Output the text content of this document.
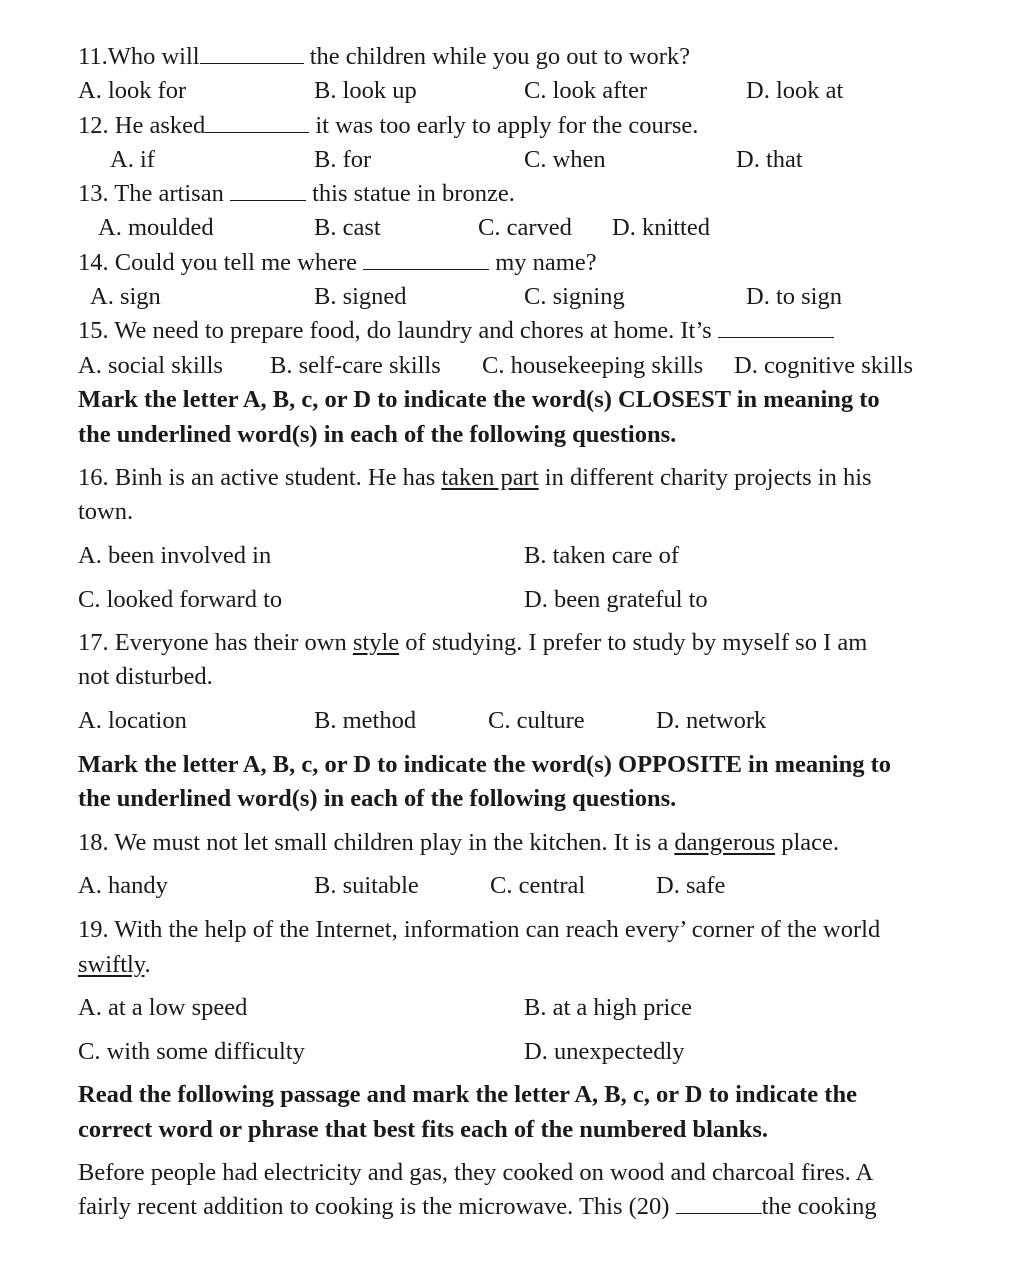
11.Who will	the children while you go out to work?

A. look for	B. look up	C. look after	D. look at

12. He asked	it was too early to apply for the course.

A. if	B. for	C. when	D. that

13. The artisan	this statue in bronze.

A. moulded	B. cast	C. carved D. knitted

14. Could you tell me where	my name?

A. sign	B. signed	C. signing	D. to sign

15. We need to prepare food, do laundry and chores at home. It’s

A. social skills B. self-care skills C. housekeeping skills D. cognitive skills

Mark the letter A, B, c, or D to indicate the word(s) CLOSEST in meaning to

the underlined word(s) in each of the following questions.

16. Binh is an active student. He has taken part in different charity projects in his

town.

A. been involved in	B. taken care of

C. looked forward to	D. been grateful to

17. Everyone has their own style of studying. I prefer to study by myself so I am

not disturbed.

A. location	B. method	C. culture	D. network

Mark the letter A, B, c, or D to indicate the word(s) OPPOSITE in meaning to

the underlined word(s) in each of the following questions.

18. We must not let small children play in the kitchen. It is a dangerous place.

A. handy	B. suitable	C. central	D. safe

19. With the help of the Internet, information can reach every’ corner of the world

swiftly.

A. at a low speed	B. at a high price

C. with some difficulty	D. unexpectedly

Read the following passage and mark the letter A, B, c, or D to indicate the

correct word or phrase that best fits each of the numbered blanks.

Before people had electricity and gas, they cooked on wood and charcoal fires. A

fairly recent addition to cooking is the microwave. This (20)	the cooking
